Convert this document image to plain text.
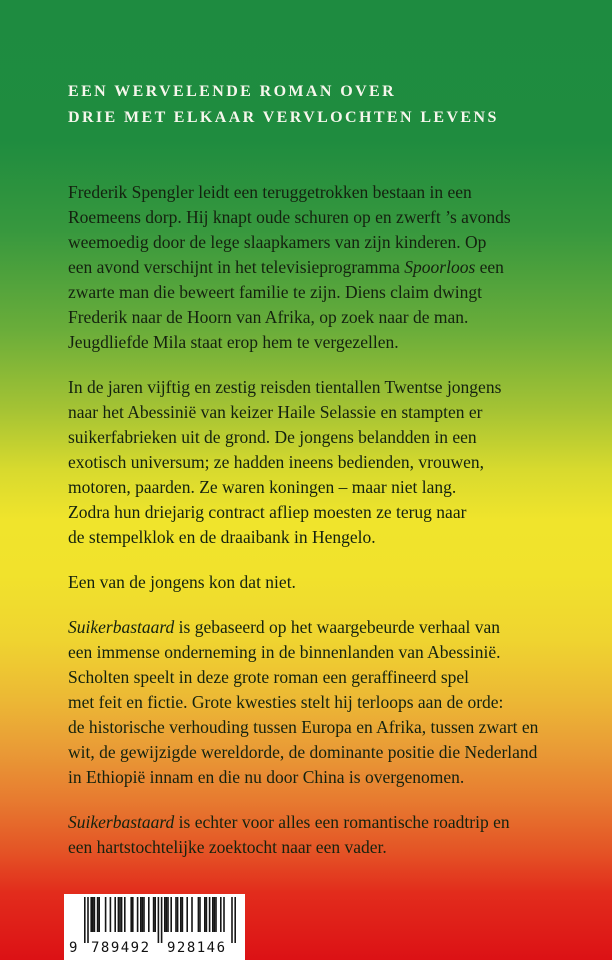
EEN WERVELENDE ROMAN OVER
DRIE MET ELKAAR VERVLOCHTEN LEVENS

Frederik Spengler leidt een teruggetrokken bestaan in een
Roemeens dorp. Hij knapt oude schuren op en zwerft ’s avonds
weemoedig door de lege slaapkamers van zijn kinderen. Op
een avond verschijnt in het televisieprogramma Spoorloos een
zwarte man die beweert familie te zijn. Diens claim dwingt
Frederik naar de Hoorn van Afrika, op zoek naar de man.
Jeugdliefde Mila staat erop hem te vergezellen.

In de jaren vijftig en zestig reisden tientallen Twentse jongens
naar het Abessinië van keizer Haile Selassie en stampten er
suikerfabrieken uit de grond. De jongens belandden in een
exotisch universum; ze hadden ineens bedienden, vrouwen,
motoren, paarden. Ze waren koningen – maar niet lang.
Zodra hun driejarig contract afliep moesten ze terug naar
de stempelklok en de draaibank in Hengelo.

Een van de jongens kon dat niet.

Suikerbastaard is gebaseerd op het waargebeurde verhaal van
een immense onderneming in de binnenlanden van Abessinië.
Scholten speelt in deze grote roman een geraffineerd spel
met feit en fictie. Grote kwesties stelt hij terloops aan de orde:
de historische verhouding tussen Europa en Afrika, tussen zwart en
wit, de gewijzigde wereldorde, de dominante positie die Nederland
in Ethiopië innam en die nu door China is overgenomen.

Suikerbastaard is echter voor alles een romantische roadtrip en
een hartstochtelijke zoektocht naar een vader.

9 789492 928146
